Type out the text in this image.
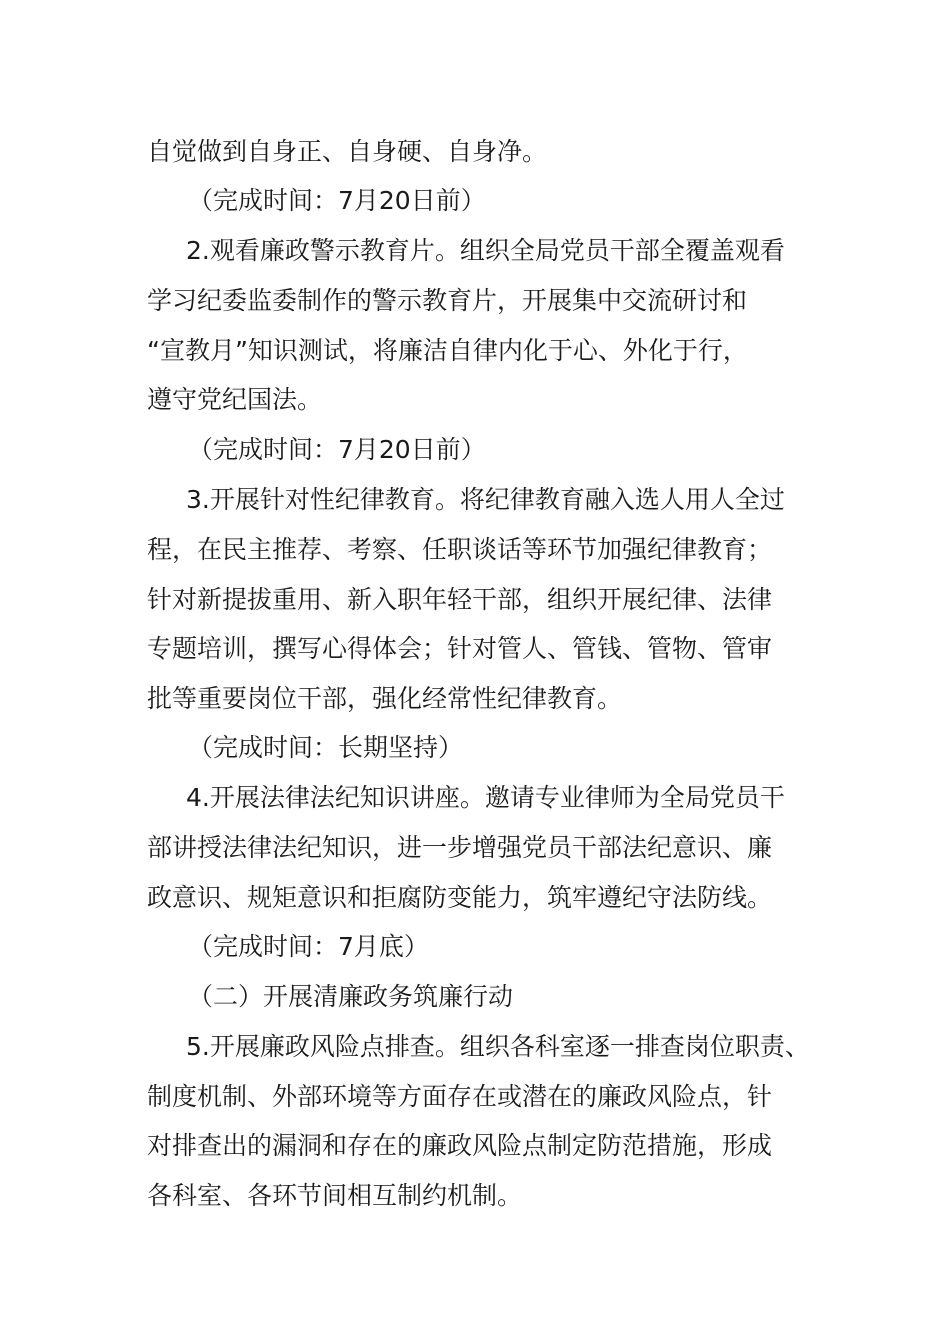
自觉做到自身正、自身硬、自身净。
（完成时间：7月20日前）
2.观看廉政警示教育片。组织全局党员干部全覆盖观看
学习纪委监委制作的警示教育片，开展集中交流研讨和
“宣教月”知识测试，将廉洁自律内化于心、外化于行，
遵守党纪国法。
（完成时间：7月20日前）
3.开展针对性纪律教育。将纪律教育融入选人用人全过
程，在民主推荐、考察、任职谈话等环节加强纪律教育；
针对新提拔重用、新入职年轻干部，组织开展纪律、法律
专题培训，撰写心得体会；针对管人、管钱、管物、管审
批等重要岗位干部，强化经常性纪律教育。
（完成时间：长期坚持）
4.开展法律法纪知识讲座。邀请专业律师为全局党员干
部讲授法律法纪知识，进一步增强党员干部法纪意识、廉
政意识、规矩意识和拒腐防变能力，筑牢遵纪守法防线。
（完成时间：7月底）
（二）开展清廉政务筑廉行动
5.开展廉政风险点排查。组织各科室逐一排查岗位职责、
制度机制、外部环境等方面存在或潜在的廉政风险点，针
对排查出的漏洞和存在的廉政风险点制定防范措施，形成
各科室、各环节间相互制约机制。
